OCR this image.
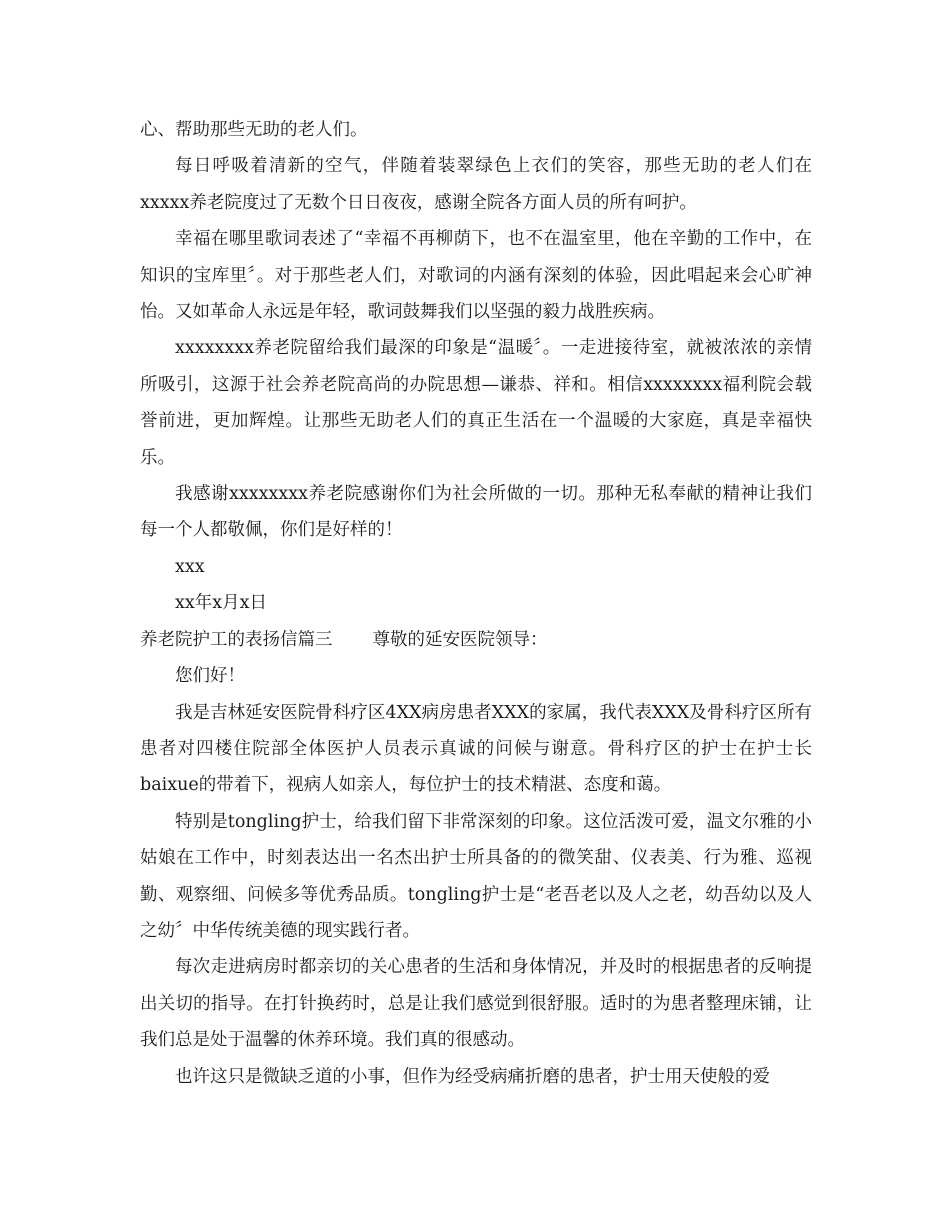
心、帮助那些无助的老人们。

每日呼吸着清新的空气，伴随着装翠绿色上衣们的笑容，那些无助的老人们在xxxxx养老院度过了无数个日日夜夜，感谢全院各方面人员的所有呵护。

幸福在哪里歌词表述了“幸福不再柳荫下，也不在温室里，他在辛勤的工作中，在知识的宝库里〞。对于那些老人们，对歌词的内涵有深刻的体验，因此唱起来会心旷神怡。又如革命人永远是年轻，歌词鼓舞我们以坚强的毅力战胜疾病。

xxxxxxxx养老院留给我们最深的印象是“温暖〞。一走进接待室，就被浓浓的亲情所吸引，这源于社会养老院高尚的办院思想—谦恭、祥和。相信xxxxxxxx福利院会载誉前进，更加辉煌。让那些无助老人们的真正生活在一个温暖的大家庭，真是幸福快乐。

我感谢xxxxxxxx养老院感谢你们为社会所做的一切。那种无私奉献的精神让我们每一个人都敬佩，你们是好样的！

xxx

xx年x月x日

养老院护工的表扬信篇三 尊敬的延安医院领导：

您们好！

我是吉林延安医院骨科疗区4XX病房患者XXX的家属，我代表XXX及骨科疗区所有患者对四楼住院部全体医护人员表示真诚的问候与谢意。骨科疗区的护士在护士长baixue的带着下，视病人如亲人，每位护士的技术精湛、态度和蔼。

特别是tongling护士，给我们留下非常深刻的印象。这位活泼可爱，温文尔雅的小姑娘在工作中，时刻表达出一名杰出护士所具备的的微笑甜、仪表美、行为雅、巡视勤、观察细、问候多等优秀品质。tongling护士是“老吾老以及人之老，幼吾幼以及人之幼〞中华传统美德的现实践行者。

每次走进病房时都亲切的关心患者的生活和身体情况，并及时的根据患者的反响提出关切的指导。在打针换药时，总是让我们感觉到很舒服。适时的为患者整理床铺，让我们总是处于温馨的休养环境。我们真的很感动。

也许这只是微缺乏道的小事，但作为经受病痛折磨的患者，护士用天使般的爱
